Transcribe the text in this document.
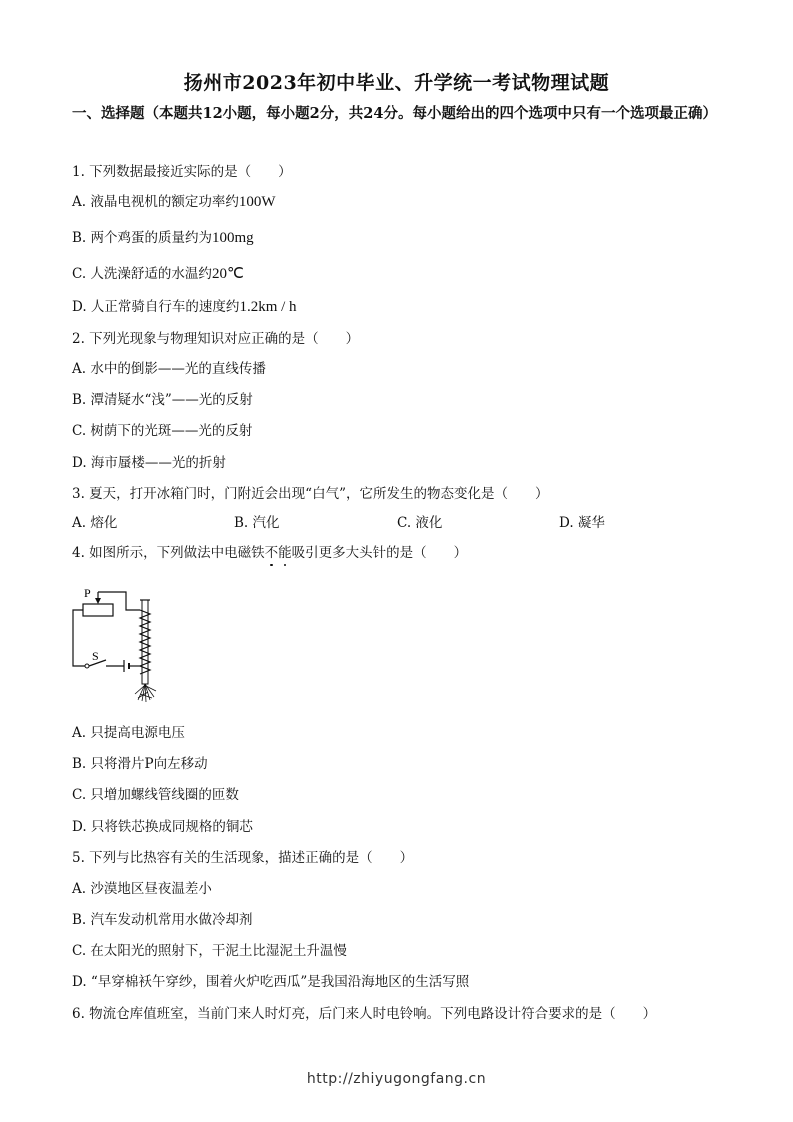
扬州市2023年初中毕业、升学统一考试物理试题
一、选择题（本题共12小题，每小题2分，共24分。每小题给出的四个选项中只有一个选项最正确）
1. 下列数据最接近实际的是（　　）
A. 液晶电视机的额定功率约100W
B. 两个鸡蛋的质量约为100mg
C. 人洗澡舒适的水温约20℃
D. 人正常骑自行车的速度约1.2km / h
2. 下列光现象与物理知识对应正确的是（　　）
A. 水中的倒影——光的直线传播
B. 潭清疑水“浅”——光的反射
C. 树荫下的光斑——光的反射
D. 海市蜃楼——光的折射
3. 夏天，打开冰箱门时，门附近会出现“白气”，它所发生的物态变化是（　　）
A. 熔化	B. 汽化	C. 液化	D. 凝华
4. 如图所示，下列做法中电磁铁不能吸引更多大头针的是（　　）
P
S
A. 只提高电源电压
B. 只将滑片P向左移动
C. 只增加螺线管线圈的匝数
D. 只将铁芯换成同规格的铜芯
5. 下列与比热容有关的生活现象，描述正确的是（　　）
A. 沙漠地区昼夜温差小
B. 汽车发动机常用水做冷却剂
C. 在太阳光的照射下，干泥土比湿泥土升温慢
D. “早穿棉袄午穿纱，围着火炉吃西瓜”是我国沿海地区的生活写照
6. 物流仓库值班室，当前门来人时灯亮，后门来人时电铃响。下列电路设计符合要求的是（　　）
http://zhiyugongfang.cn
